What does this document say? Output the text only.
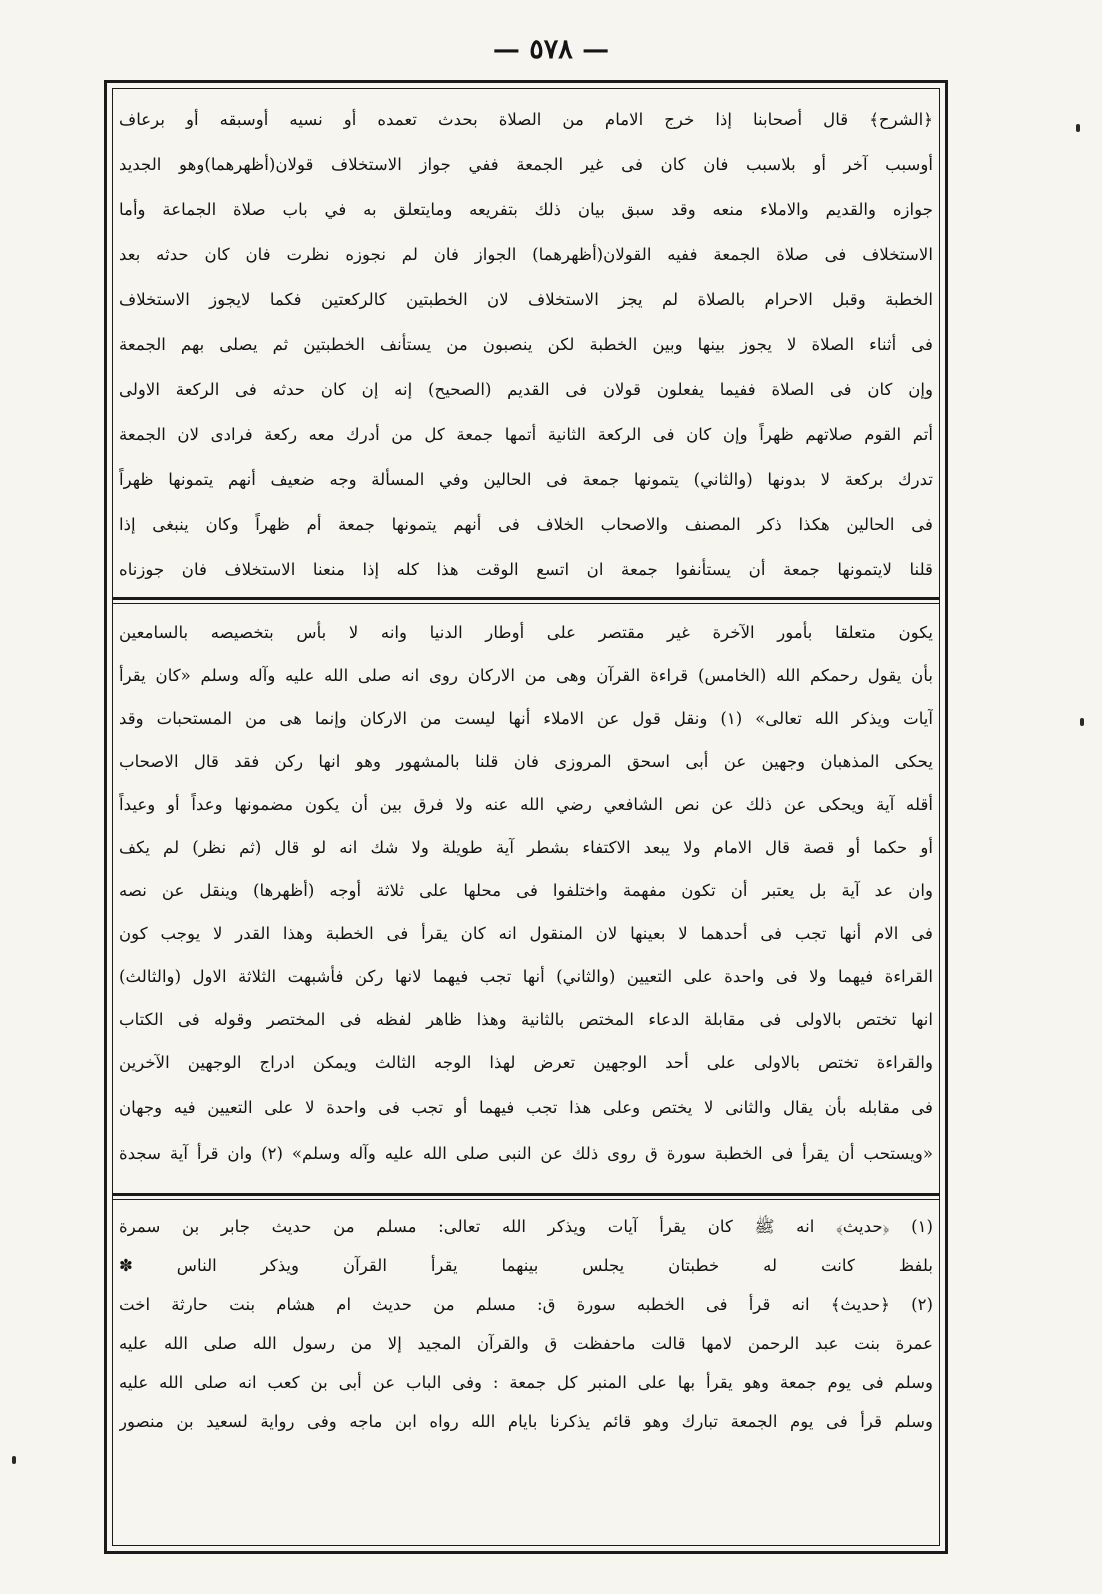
— ٥٧٨ —
﴿الشرح﴾ قال أصحابنا إذا خرج الامام من الصلاة بحدث تعمده أو نسيه أوسبقه أو برعاف
أوسبب آخر أو بلاسبب فان كان فى غير الجمعة ففي جواز الاستخلاف قولان(أظهرهما)وهو الجديد
جوازه والقديم والاملاء منعه وقد سبق بيان ذلك بتفريعه ومايتعلق به في باب صلاة الجماعة وأما
الاستخلاف فى صلاة الجمعة ففيه القولان(أظهرهما) الجواز فان لم نجوزه نظرت فان كان حدثه بعد
الخطبة وقبل الاحرام بالصلاة لم يجز الاستخلاف لان الخطبتين كالركعتين فكما لايجوز الاستخلاف
فى أثناء الصلاة لا يجوز بينها وبين الخطبة لكن ينصبون من يستأنف الخطبتين ثم يصلى بهم الجمعة
وإن كان فى الصلاة ففيما يفعلون قولان فى القديم (الصحيح) إنه إن كان حدثه فى الركعة الاولى
أتم القوم صلاتهم ظهراً وإن كان فى الركعة الثانية أتمها جمعة كل من أدرك معه ركعة فرادى لان الجمعة
تدرك بركعة لا بدونها (والثاني) يتمونها جمعة فى الحالين وفي المسألة وجه ضعيف أنهم يتمونها ظهراً
فى الحالين هكذا ذكر المصنف والاصحاب الخلاف فى أنهم يتمونها جمعة أم ظهراً وكان ينبغى إذا
قلنا لايتمونها جمعة أن يستأنفوا جمعة ان اتسع الوقت هذا كله إذا منعنا الاستخلاف فان جوزناه
يكون متعلقا بأمور الآخرة غير مقتصر على أوطار الدنيا وانه لا بأس بتخصيصه بالسامعين
بأن يقول رحمكم الله (الخامس) قراءة القرآن وهى من الاركان روى انه صلى الله عليه وآله وسلم «كان يقرأ
آيات ويذكر الله تعالى» (١) ونقل قول عن الاملاء أنها ليست من الاركان وإنما هى من المستحبات وقد
يحكى المذهبان وجهين عن أبى اسحق المروزى فان قلنا بالمشهور وهو انها ركن فقد قال الاصحاب
أقله آية ويحكى عن ذلك عن نص الشافعي رضي الله عنه ولا فرق بين أن يكون مضمونها وعداً أو وعيداً
أو حكما أو قصة قال الامام ولا يبعد الاكتفاء بشطر آية طويلة ولا شك انه لو قال (ثم نظر) لم يكف
وان عد آية بل يعتبر أن تكون مفهمة واختلفوا فى محلها على ثلاثة أوجه (أظهرها) وينقل عن نصه
فى الام أنها تجب فى أحدهما لا بعينها لان المنقول انه كان يقرأ فى الخطبة وهذا القدر لا يوجب كون
القراءة فيهما ولا فى واحدة على التعيين (والثاني) أنها تجب فيهما لانها ركن فأشبهت الثلاثة الاول (والثالث)
انها تختص بالاولى فى مقابلة الدعاء المختص بالثانية وهذا ظاهر لفظه فى المختصر وقوله فى الكتاب
والقراءة تختص بالاولى على أحد الوجهين تعرض لهذا الوجه الثالث ويمكن ادراج الوجهين الآخرين
فى مقابله بأن يقال والثانى لا يختص وعلى هذا تجب فيهما أو تجب فى واحدة لا على التعيين فيه وجهان
«ويستحب أن يقرأ فى الخطبة سورة ق روى ذلك عن النبى صلى الله عليه وآله وسلم» (٢) وان قرأ آية سجدة
(١) ﴿حديث﴾ انه ﷺ كان يقرأ آيات ويذكر الله تعالى: مسلم من حديث جابر بن سمرة
بلفظ كانت له خطبتان يجلس بينهما يقرأ القرآن ويذكر الناس ✽
(٢) ﴿حديث﴾ انه قرأ فى الخطبه سورة ق: مسلم من حديث ام هشام بنت حارثة اخت
عمرة بنت عبد الرحمن لامها قالت ماحفظت ق والقرآن المجيد إلا من رسول الله صلى الله عليه
وسلم فى يوم جمعة وهو يقرأ بها على المنبر كل جمعة : وفى الباب عن أبى بن كعب انه صلى الله عليه
وسلم قرأ فى يوم الجمعة تبارك وهو قائم يذكرنا بايام الله رواه ابن ماجه وفى رواية لسعيد بن منصور
